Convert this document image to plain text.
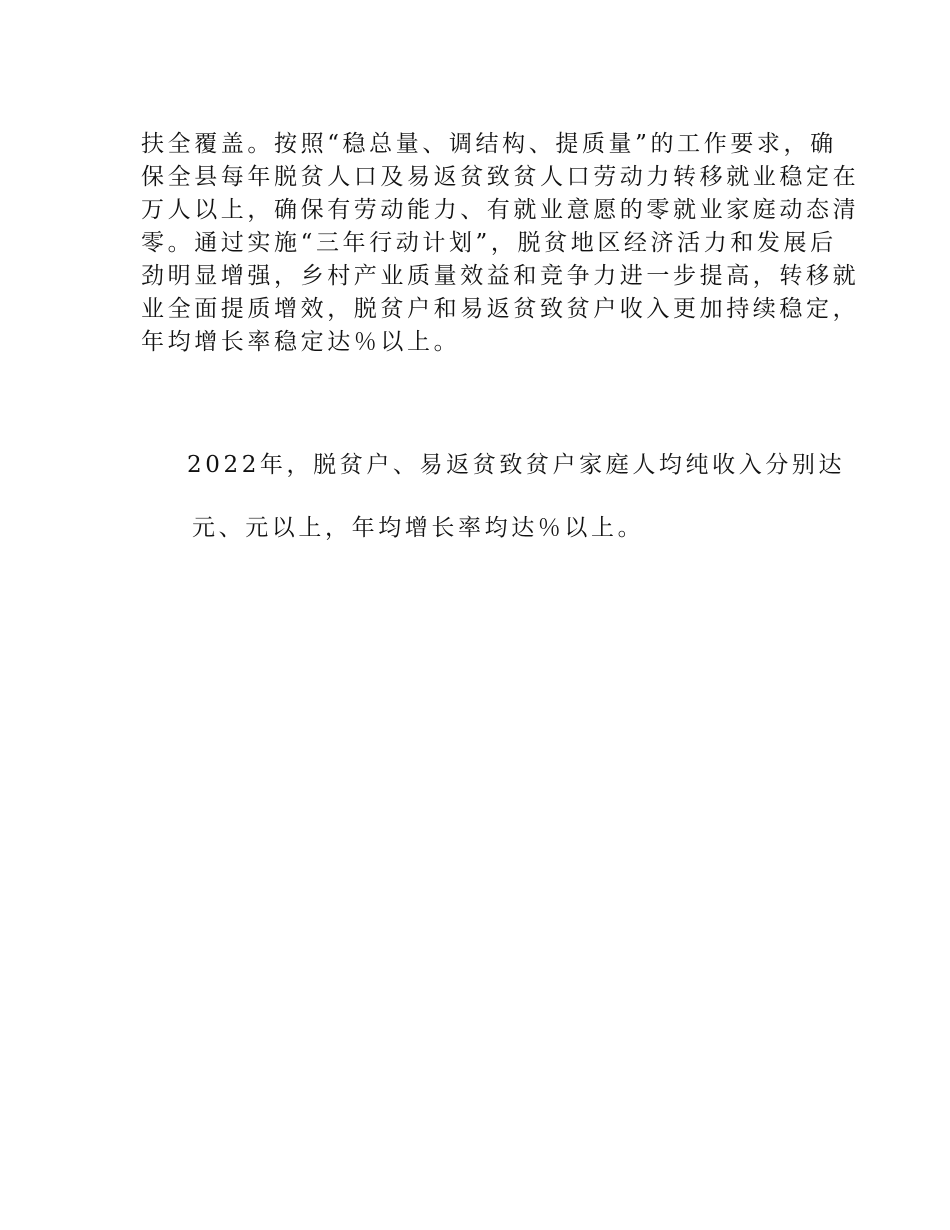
扶全覆盖。按照“稳总量、调结构、提质量”的工作要求，确
保全县每年脱贫人口及易返贫致贫人口劳动力转移就业稳定在
万人以上，确保有劳动能力、有就业意愿的零就业家庭动态清
零。通过实施“三年行动计划”，脱贫地区经济活力和发展后
劲明显增强，乡村产业质量效益和竞争力进一步提高，转移就
业全面提质增效，脱贫户和易返贫致贫户收入更加持续稳定，
年均增长率稳定达％以上。
2022年，脱贫户、易返贫致贫户家庭人均纯收入分别达
元、元以上，年均增长率均达％以上。
